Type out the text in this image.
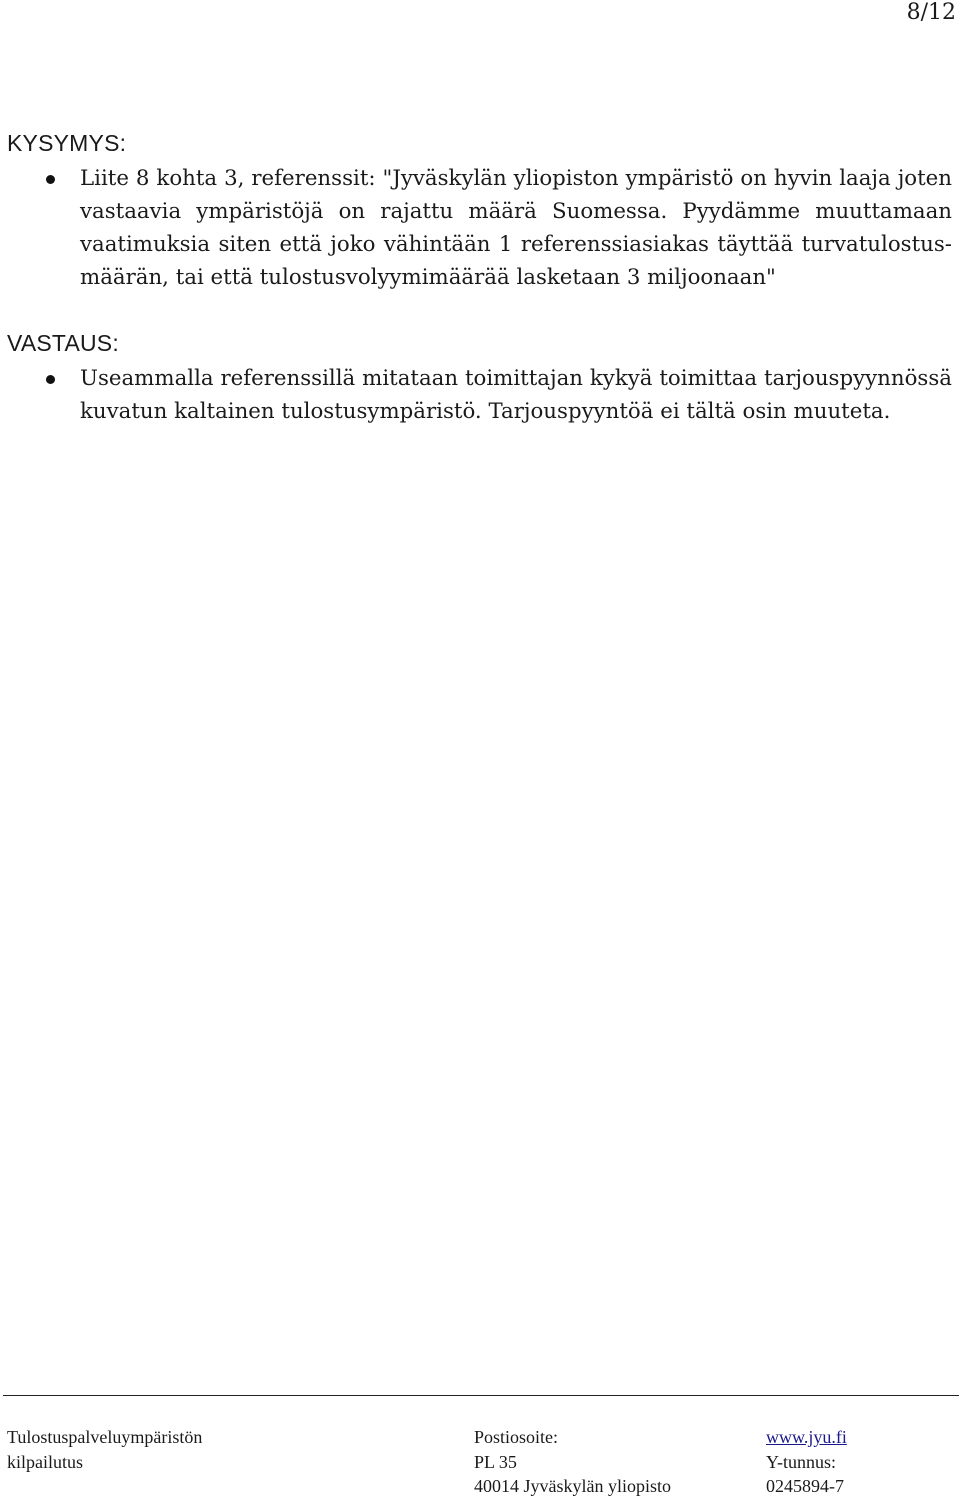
8/12
KYSYMYS:
Liite 8 kohta 3, referenssit: "Jyväskylän yliopiston ympäristö on hyvin laaja joten vastaavia ympäristöjä on rajattu määrä Suomessa. Pyydämme muuttamaan vaatimuksia siten että joko vähintään 1 referenssiasiakas täyttää turvatulostusmäärän, tai että tulostusvolyymimäärää lasketaan 3 miljoonaan"
VASTAUS:
Useammalla referenssillä mitataan toimittajan kykyä toimittaa tarjouspyynnössä kuvatun kaltainen tulostusympäristö. Tarjouspyyntöä ei tältä osin muuteta.
Tulostuspalveluympäristön
kilpailutus
Postiosoite:
PL 35
40014 Jyväskylän yliopisto
www.jyu.fi
Y-tunnus:
0245894-7
